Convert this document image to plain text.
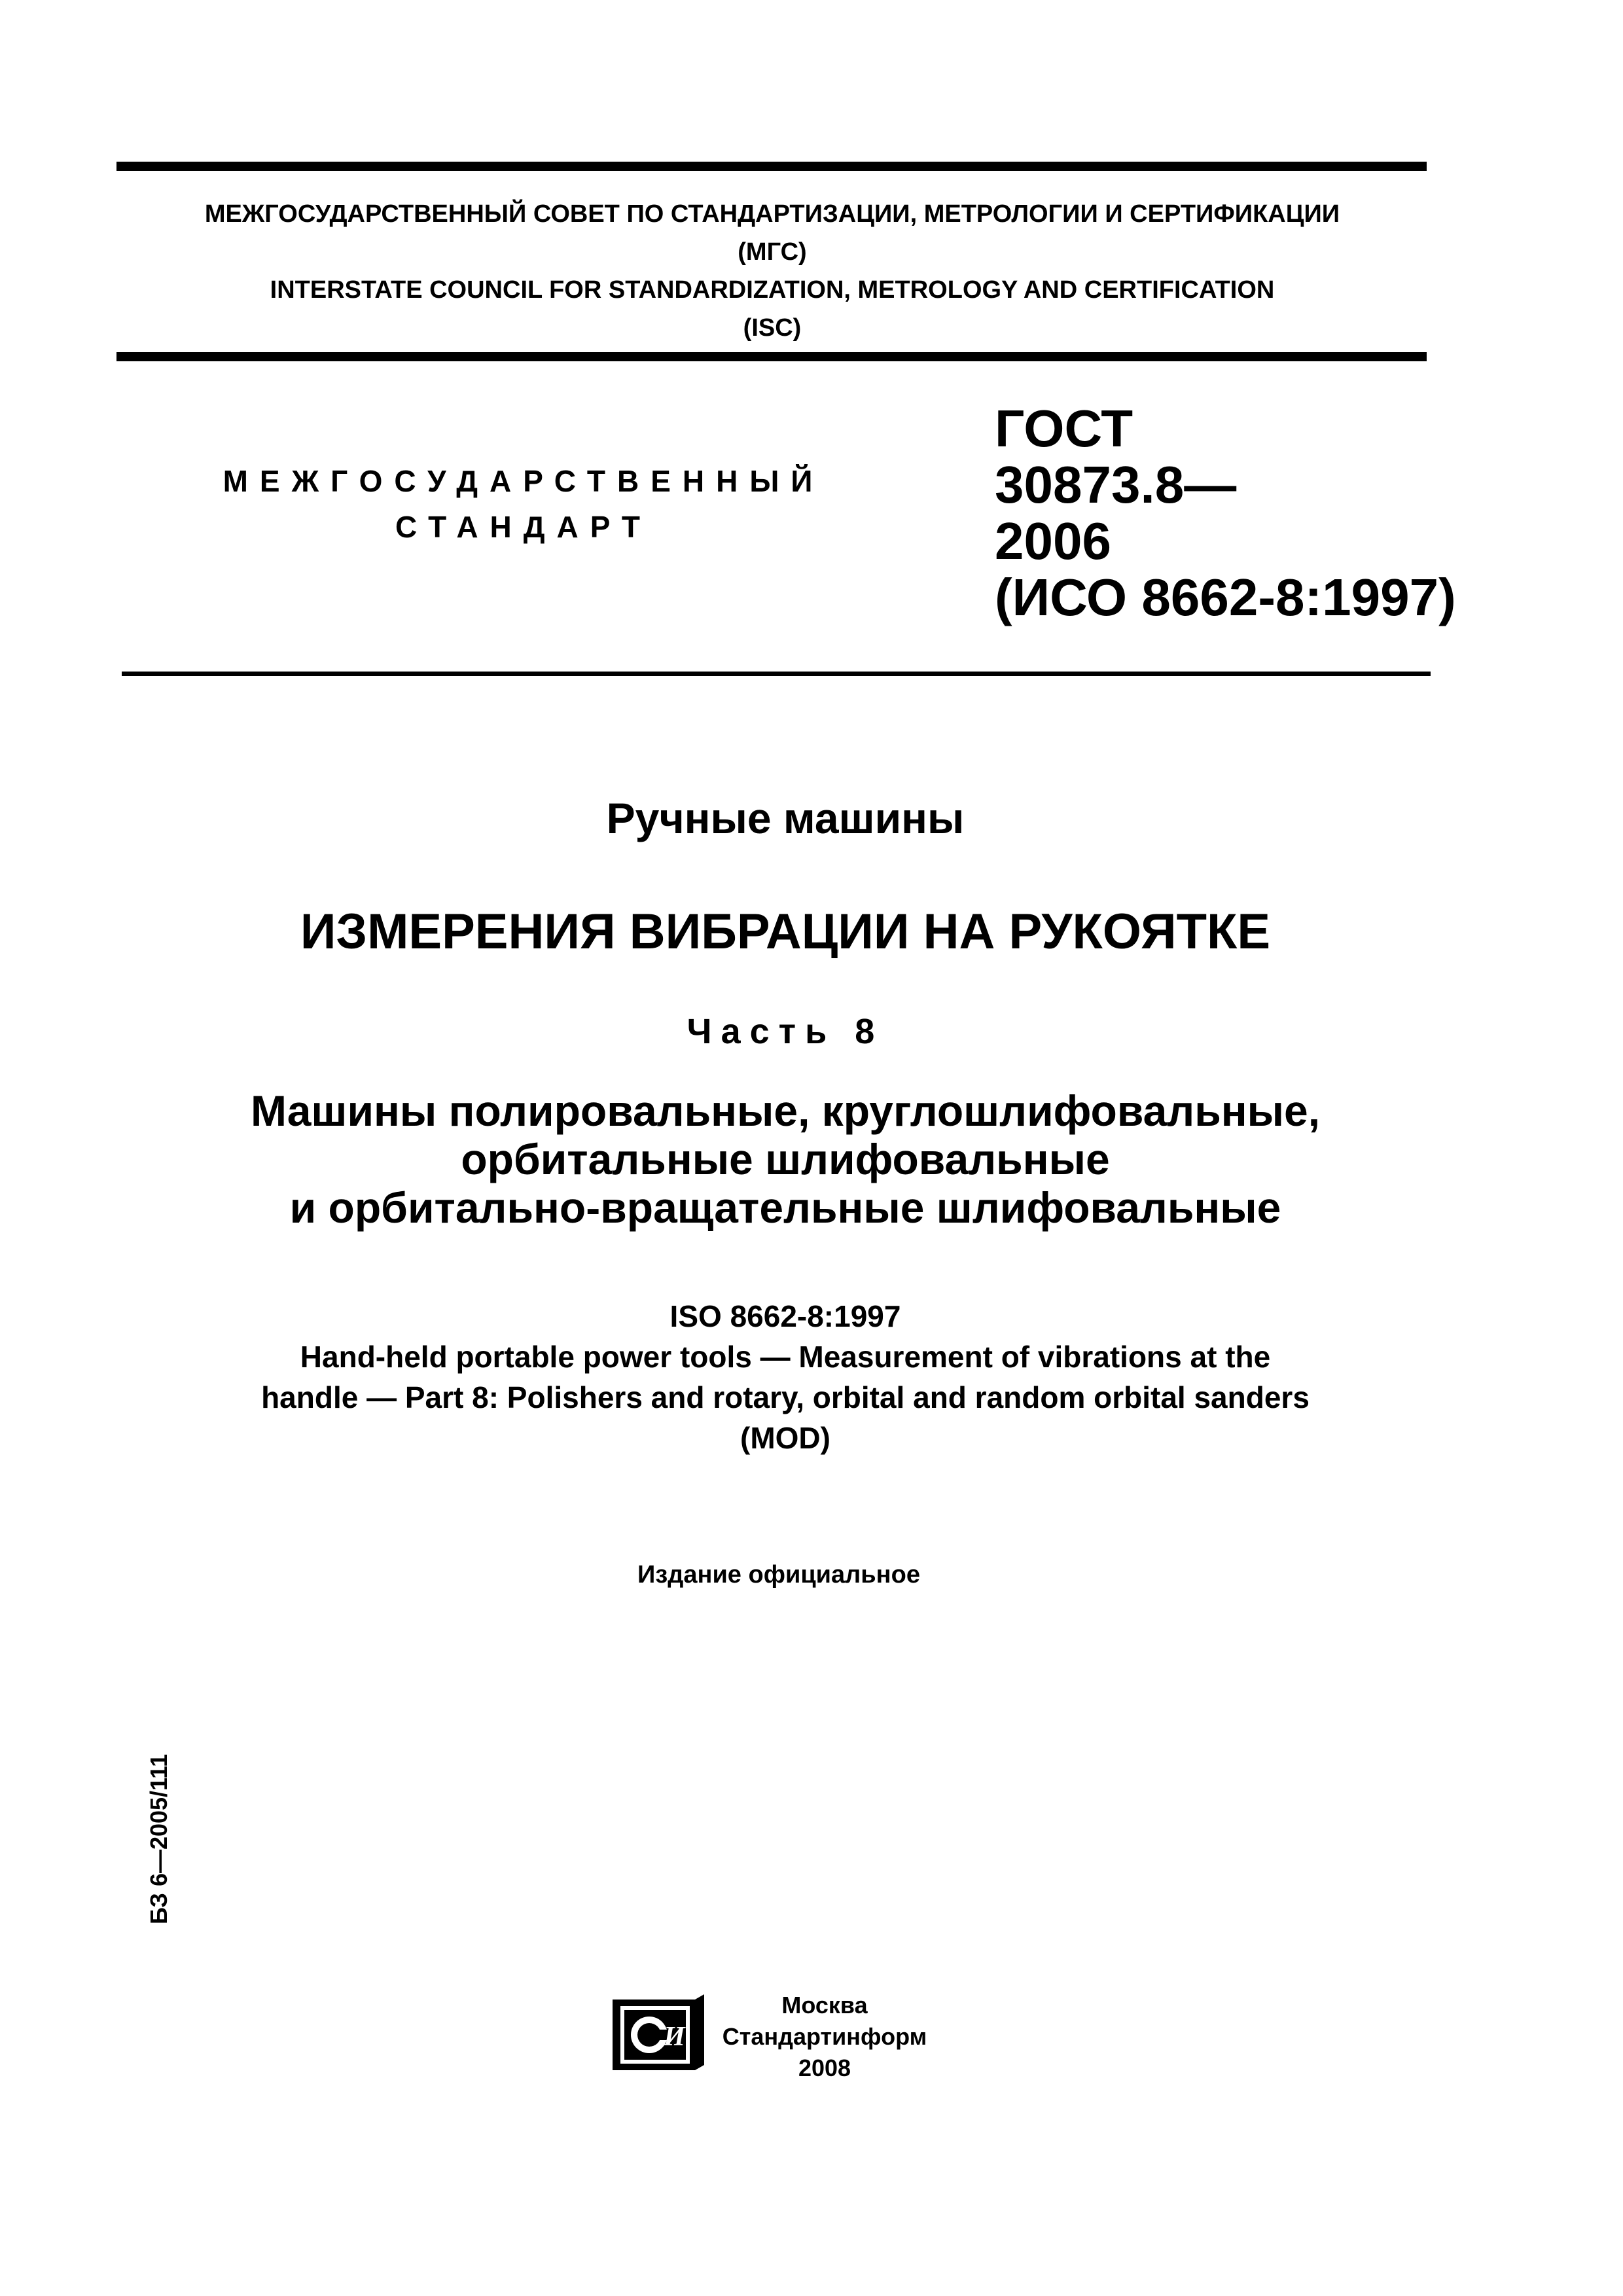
МЕЖГОСУДАРСТВЕННЫЙ СОВЕТ ПО СТАНДАРТИЗАЦИИ, МЕТРОЛОГИИ И СЕРТИФИКАЦИИ
(МГС)
INTERSTATE COUNCIL FOR STANDARDIZATION, METROLOGY AND CERTIFICATION
(ISC)
МЕЖГОСУДАРСТВЕННЫЙ
СТАНДАРТ
ГОСТ
30873.8—
2006
(ИСО 8662-8:1997)
Ручные машины
ИЗМЕРЕНИЯ ВИБРАЦИИ НА РУКОЯТКЕ
Часть 8
Машины полировальные, круглошлифовальные,
орбитальные шлифовальные
и орбитально-вращательные шлифовальные
ISO 8662-8:1997
Hand-held portable power tools — Measurement of vibrations at the
handle — Part 8: Polishers and rotary, orbital and random orbital sanders
(MOD)
Издание официальное
БЗ 6—2005/111
И
Москва
Стандартинформ
2008
